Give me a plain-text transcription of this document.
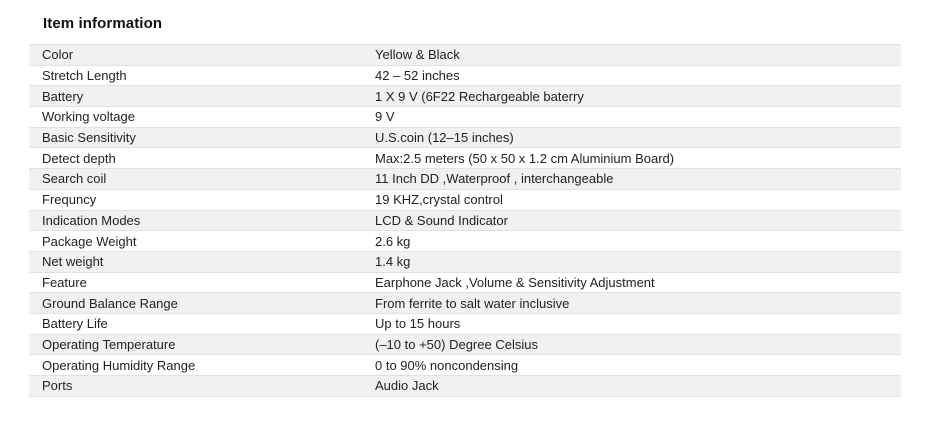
Item information
Color	Yellow & Black
Stretch Length	42 – 52 inches
Battery	1 X 9 V (6F22 Rechargeable baterry
Working voltage	9 V
Basic Sensitivity	U.S.coin (12–15 inches)
Detect depth	Max:2.5 meters (50 x 50 x 1.2 cm Aluminium Board)
Search coil	11 Inch DD ,Waterproof , interchangeable
Frequncy	19 KHZ,crystal control
Indication Modes	LCD & Sound Indicator
Package Weight	2.6 kg
Net weight	1.4 kg
Feature	Earphone Jack ,Volume & Sensitivity Adjustment
Ground Balance Range	From ferrite to salt water inclusive
Battery Life	Up to 15 hours
Operating Temperature	(–10 to +50) Degree Celsius
Operating Humidity Range	0 to 90% noncondensing
Ports	Audio Jack
